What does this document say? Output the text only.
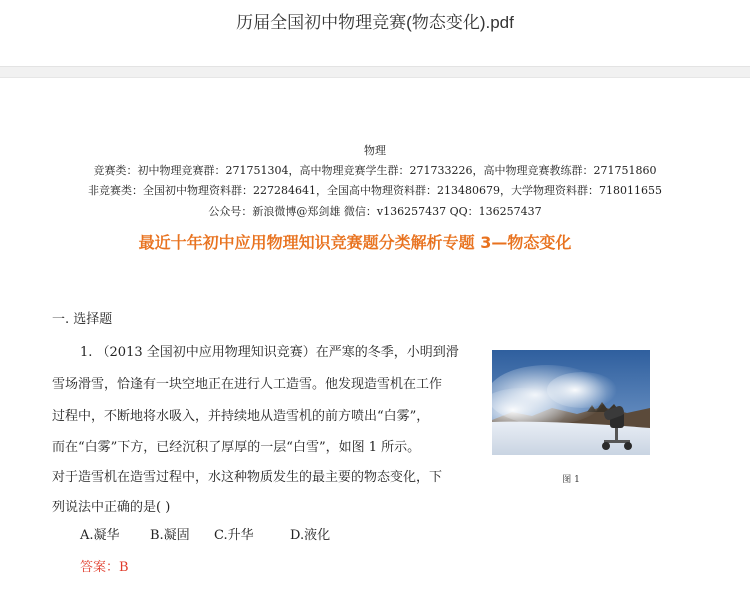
历届全国初中物理竞赛(物态变化).pdf
物理
竞赛类：初中物理竞赛群：271751304，高中物理竞赛学生群：271733226，高中物理竞赛教练群：271751860
非竞赛类：全国初中物理资料群：227284641，全国高中物理资料群：213480679，大学物理资料群：718011655
公众号：新浪微博@郑剑雄 微信：v136257437 QQ：136257437
最近十年初中应用物理知识竞赛题分类解析专题 3—物态变化
一. 选择题
1. （2013 全国初中应用物理知识竞赛）在严寒的冬季，小明到滑
雪场滑雪，恰逢有一块空地正在进行人工造雪。他发现造雪机在工作
过程中，不断地将水吸入，并持续地从造雪机的前方喷出“白雾”，
而在“白雾”下方，已经沉积了厚厚的一层“白雪”，如图 1 所示。
对于造雪机在造雪过程中，水这种物质发生的最主要的物态变化，下
列说法中正确的是( )
图 1
A.凝华 B.凝固 C.升华	D.液化
答案：B
